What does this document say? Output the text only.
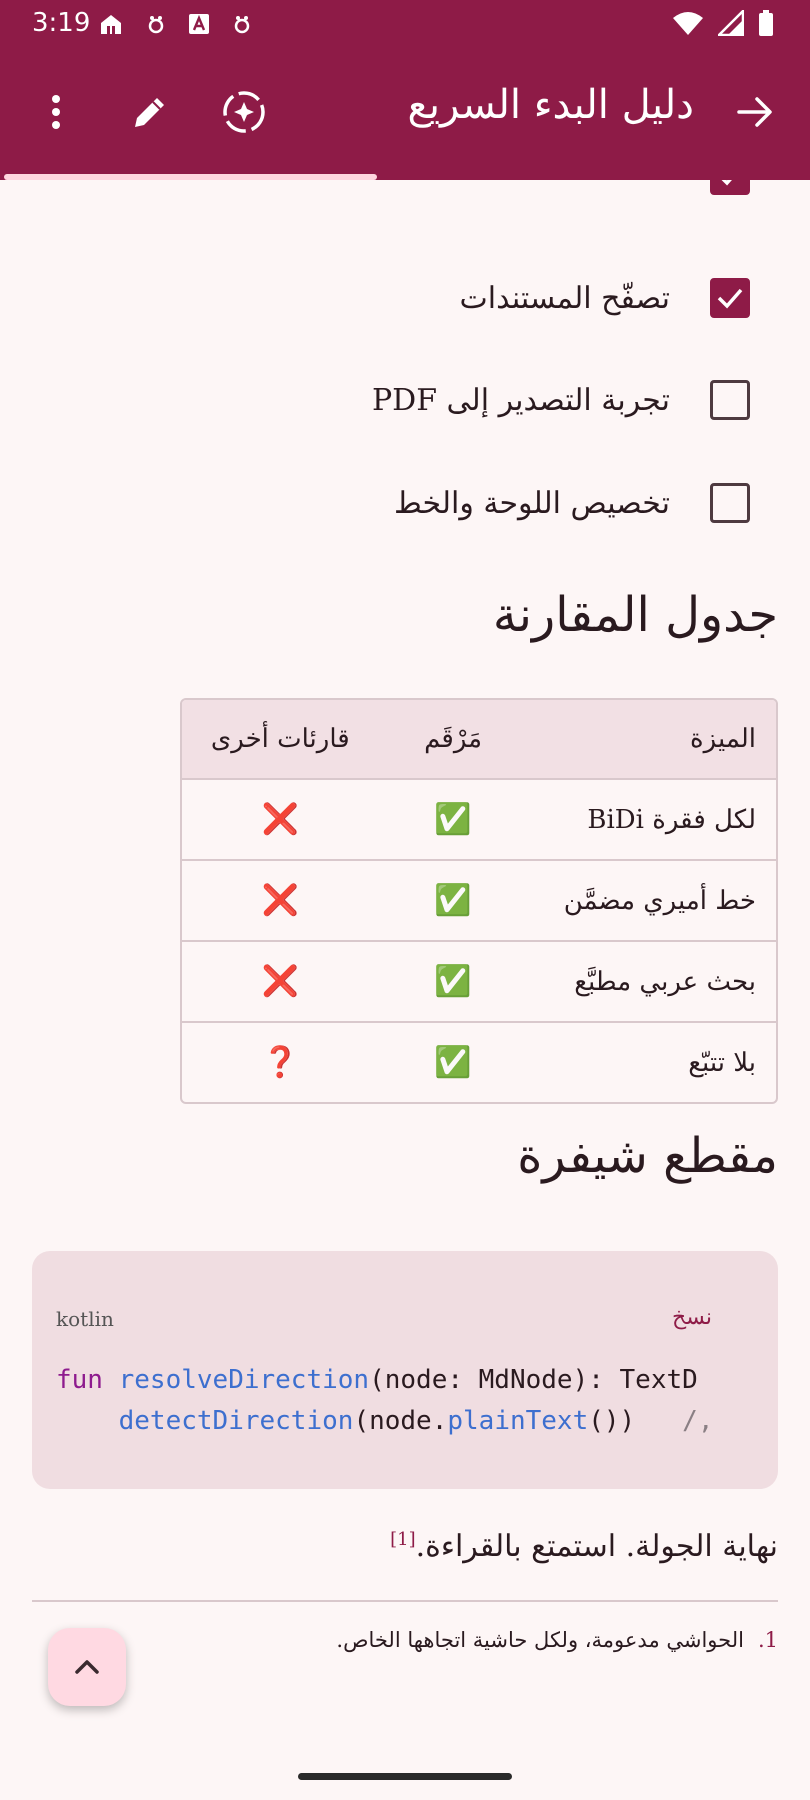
3:19
دليل البدء السريع
تصفّح المستندات
تجربة التصدير إلى PDF
تخصيص اللوحة والخط
جدول المقارنة
الميزة
مَرْقَم
قارئات أخرى
لكل فقرة BiDi
✅
❌
خط أميري مضمَّن
✅
❌
بحث عربي مطبَّع
✅
❌
بلا تتبّع
✅
❓
مقطع شيفرة
kotlin	نسخ
fun resolveDirection(node: MdNode): TextD
detectDirection(node.plainText())   /,
نهاية الجولة. استمتع بالقراءة.[1]
1.
الحواشي مدعومة، ولكل حاشية اتجاهها الخاص.
